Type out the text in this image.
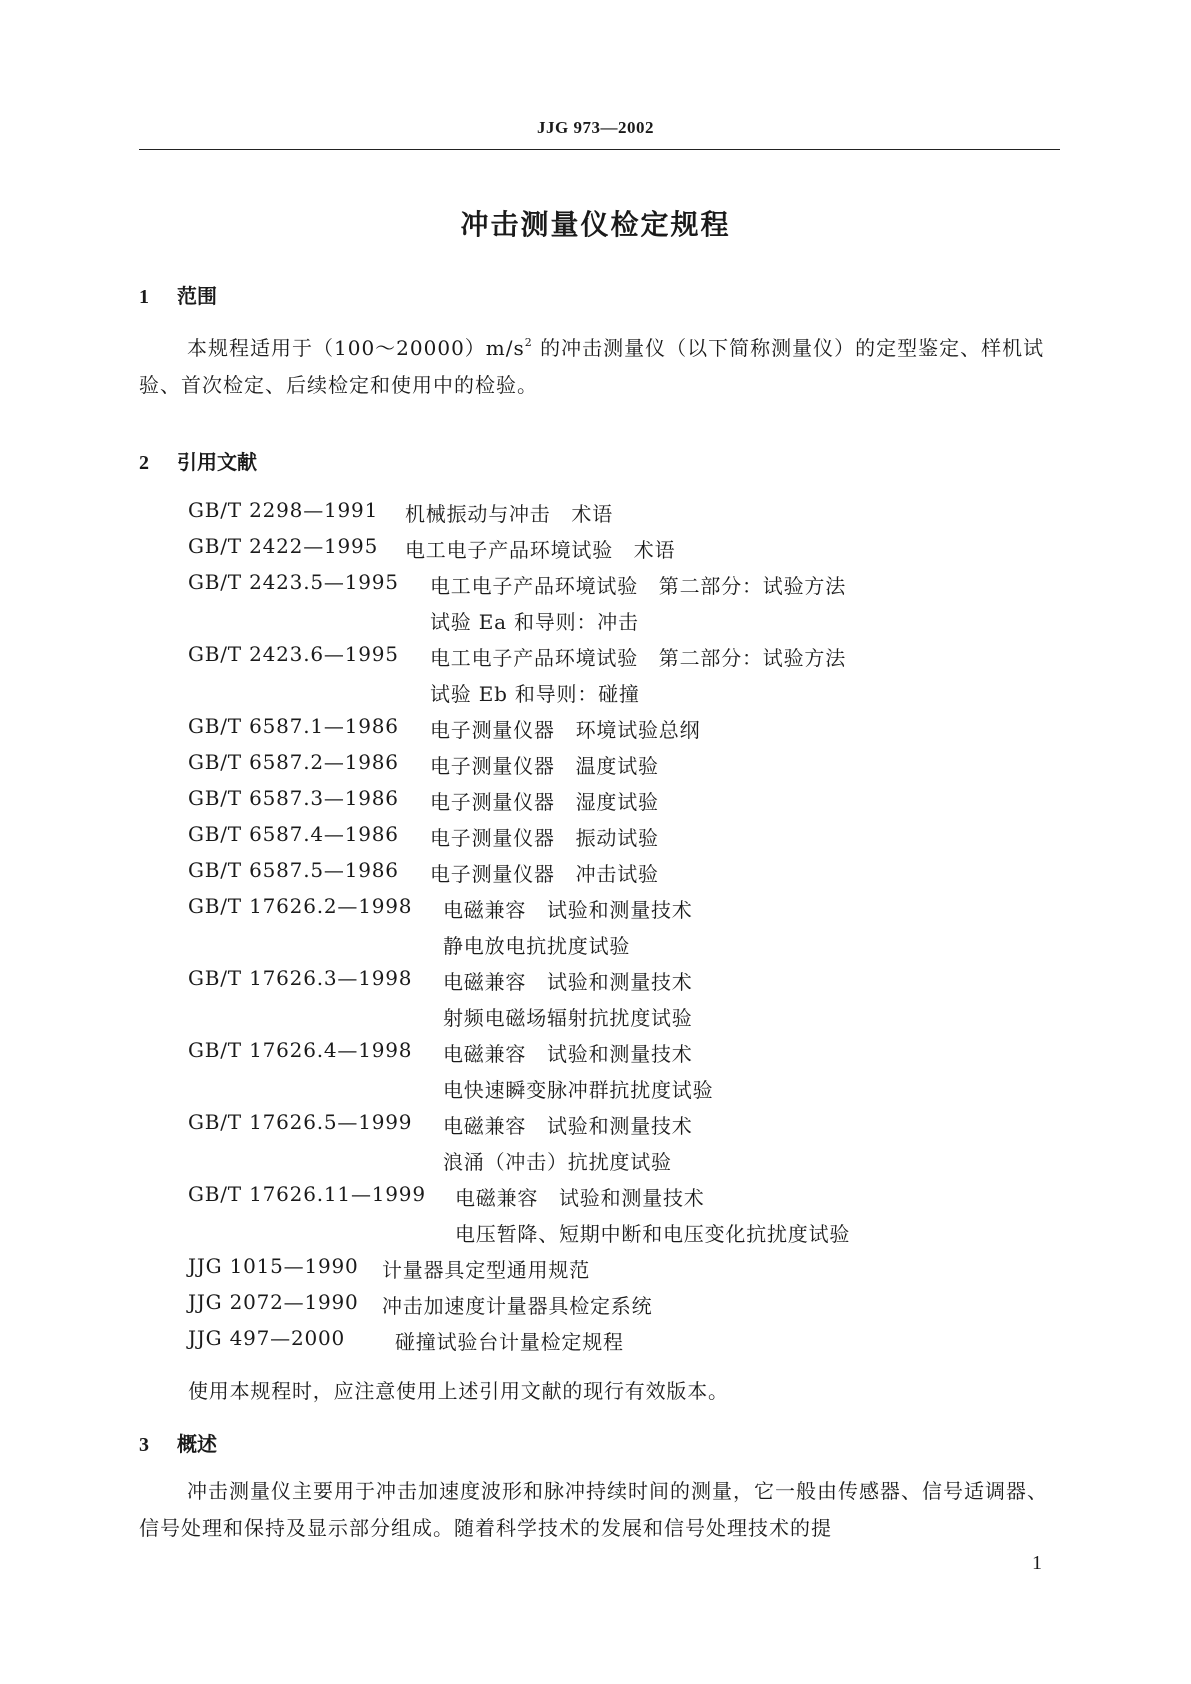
JJG 973—2002
冲击测量仪检定规程
1 范围
本规程适用于$(100\sim 20000)m/s^2$ 的冲击测量仪（以下简称测量仪）的定型鉴定、样机试验、首次检定、后续检定和使用中的检验。
2 引用文献
GB/T 2298—1991 机械振动与冲击　术语
GB/T 2422—1995 电工电子产品环境试验　术语
GB/T 2423.5—1995 电工电子产品环境试验　第二部分：试验方法
试验 Ea 和导则：冲击
GB/T 2423.6—1995 电工电子产品环境试验　第二部分：试验方法
试验 Eb 和导则：碰撞
GB/T 6587.1—1986 电子测量仪器　环境试验总纲
GB/T 6587.2—1986 电子测量仪器　温度试验
GB/T 6587.3—1986 电子测量仪器　湿度试验
GB/T 6587.4—1986 电子测量仪器　振动试验
GB/T 6587.5—1986 电子测量仪器　冲击试验
GB/T 17626.2—1998 电磁兼容　试验和测量技术
静电放电抗扰度试验
GB/T 17626.3—1998 电磁兼容　试验和测量技术
射频电磁场辐射抗扰度试验
GB/T 17626.4—1998 电磁兼容　试验和测量技术
电快速瞬变脉冲群抗扰度试验
GB/T 17626.5—1999 电磁兼容　试验和测量技术
浪涌（冲击）抗扰度试验
GB/T 17626.11—1999 电磁兼容　试验和测量技术
电压暂降、短期中断和电压变化抗扰度试验
JJG 1015—1990 计量器具定型通用规范
JJG 2072—1990 冲击加速度计量器具检定系统
JJG 497—2000 碰撞试验台计量检定规程
使用本规程时，应注意使用上述引用文献的现行有效版本。
3 概述
冲击测量仪主要用于冲击加速度波形和脉冲持续时间的测量，它一般由传感器、信号适调器、信号处理和保持及显示部分组成。随着科学技术的发展和信号处理技术的提
1
